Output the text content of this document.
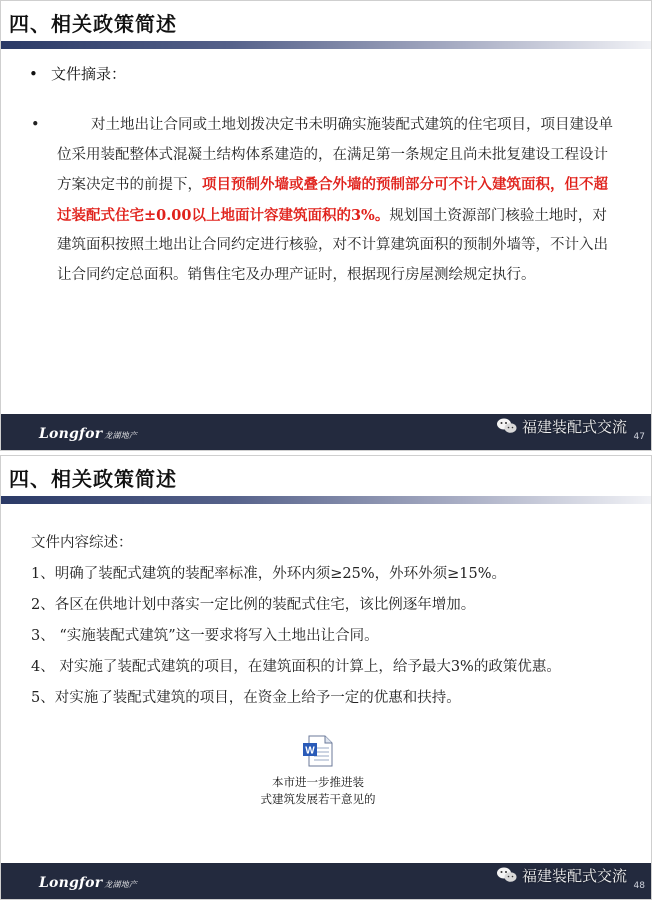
四、相关政策简述
• 文件摘录：
•	对土地出让合同或土地划拨决定书未明确实施装配式建筑的住宅项目，项目建设单位采用装配整体式混凝土结构体系建造的，在满足第一条规定且尚未批复建设工程设计方案决定书的前提下，项目预制外墙或叠合外墙的预制部分可不计入建筑面积，但不超过装配式住宅±0.00以上地面计容建筑面积的3%。规划国土资源部门核验土地时，对建筑面积按照土地出让合同约定进行核验，对不计算建筑面积的预制外墙等，不计入出让合同约定总面积。销售住宅及办理产证时，根据现行房屋测绘规定执行。
Longfor 龙湖地产	福建装配式交流
47
四、相关政策简述
文件内容综述：
1、明确了装配式建筑的装配率标准，外环内须≥25%，外环外须≥15%。
2、各区在供地计划中落实一定比例的装配式住宅，该比例逐年增加。
3、 “实施装配式建筑”这一要求将写入土地出让合同。
4、 对实施了装配式建筑的项目，在建筑面积的计算上，给予最大3%的政策优惠。
5、对实施了装配式建筑的项目，在资金上给予一定的优惠和扶持。
W
本市进一步推进装
式建筑发展若干意见的
Longfor 龙湖地产	福建装配式交流
48
